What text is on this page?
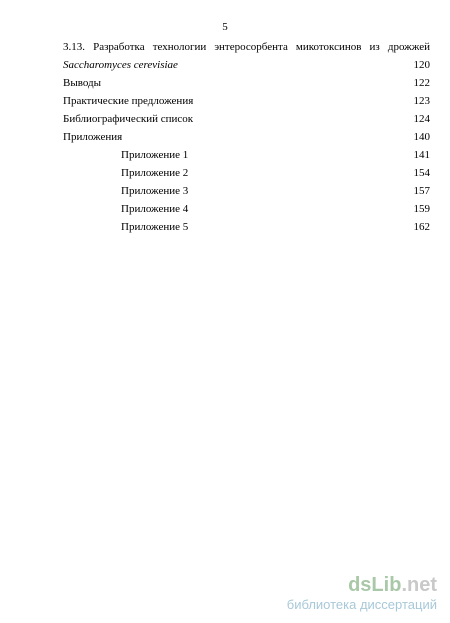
5
3.13. Разработка технологии энтеросорбента микотоксинов из дрожжей
Saccharomyces cerevisiae	120
Выводы	122
Практические предложения	123
Библиографический список	124
Приложения	140
Приложение 1	141
Приложение 2	154
Приложение 3	157
Приложение 4	159
Приложение 5	162
dsLib.net
библиотека диссертаций
